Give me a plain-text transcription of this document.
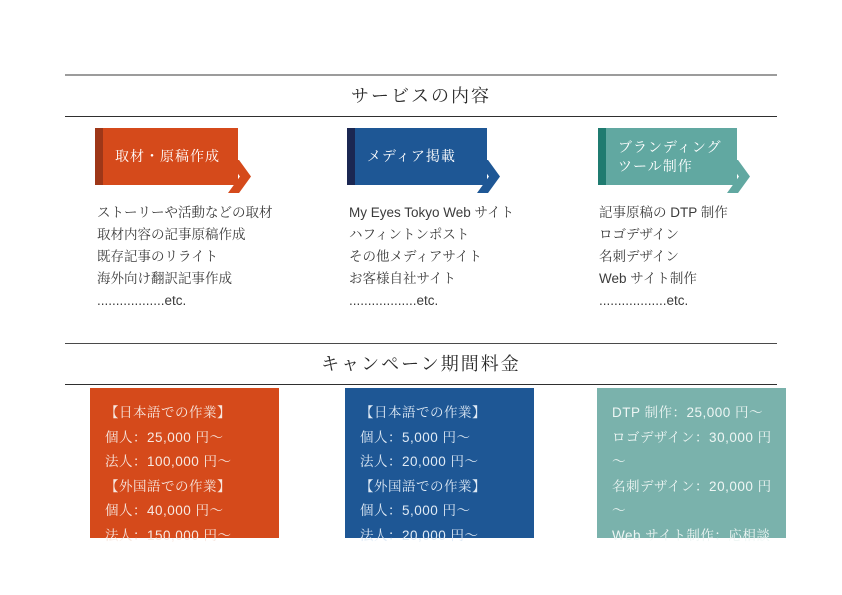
サービスの内容
取材・原稿作成	メディア掲載
ブランディング
ツール制作
ストーリーや活動などの取材
取材内容の記事原稿作成
既存記事のリライト
海外向け翻訳記事作成
..................etc.
My Eyes Tokyo Web サイト
ハフィントンポスト
その他メディアサイト
お客様自社サイト
..................etc.
記事原稿の DTP 制作
ロゴデザイン
名刺デザイン
Web サイト制作
..................etc.
キャンペーン期間料金
【日本語での作業】
個人：25,000 円～
法人：100,000 円～
【外国語での作業】
個人：40,000 円～
法人：150,000 円～
【日本語での作業】
個人：5,000 円～
法人：20,000 円～
【外国語での作業】
個人：5,000 円～
法人：20,000 円～
DTP 制作：25,000 円～
ロゴデザイン：30,000 円～
名刺デザイン：20,000 円～
Web サイト制作：応相談
